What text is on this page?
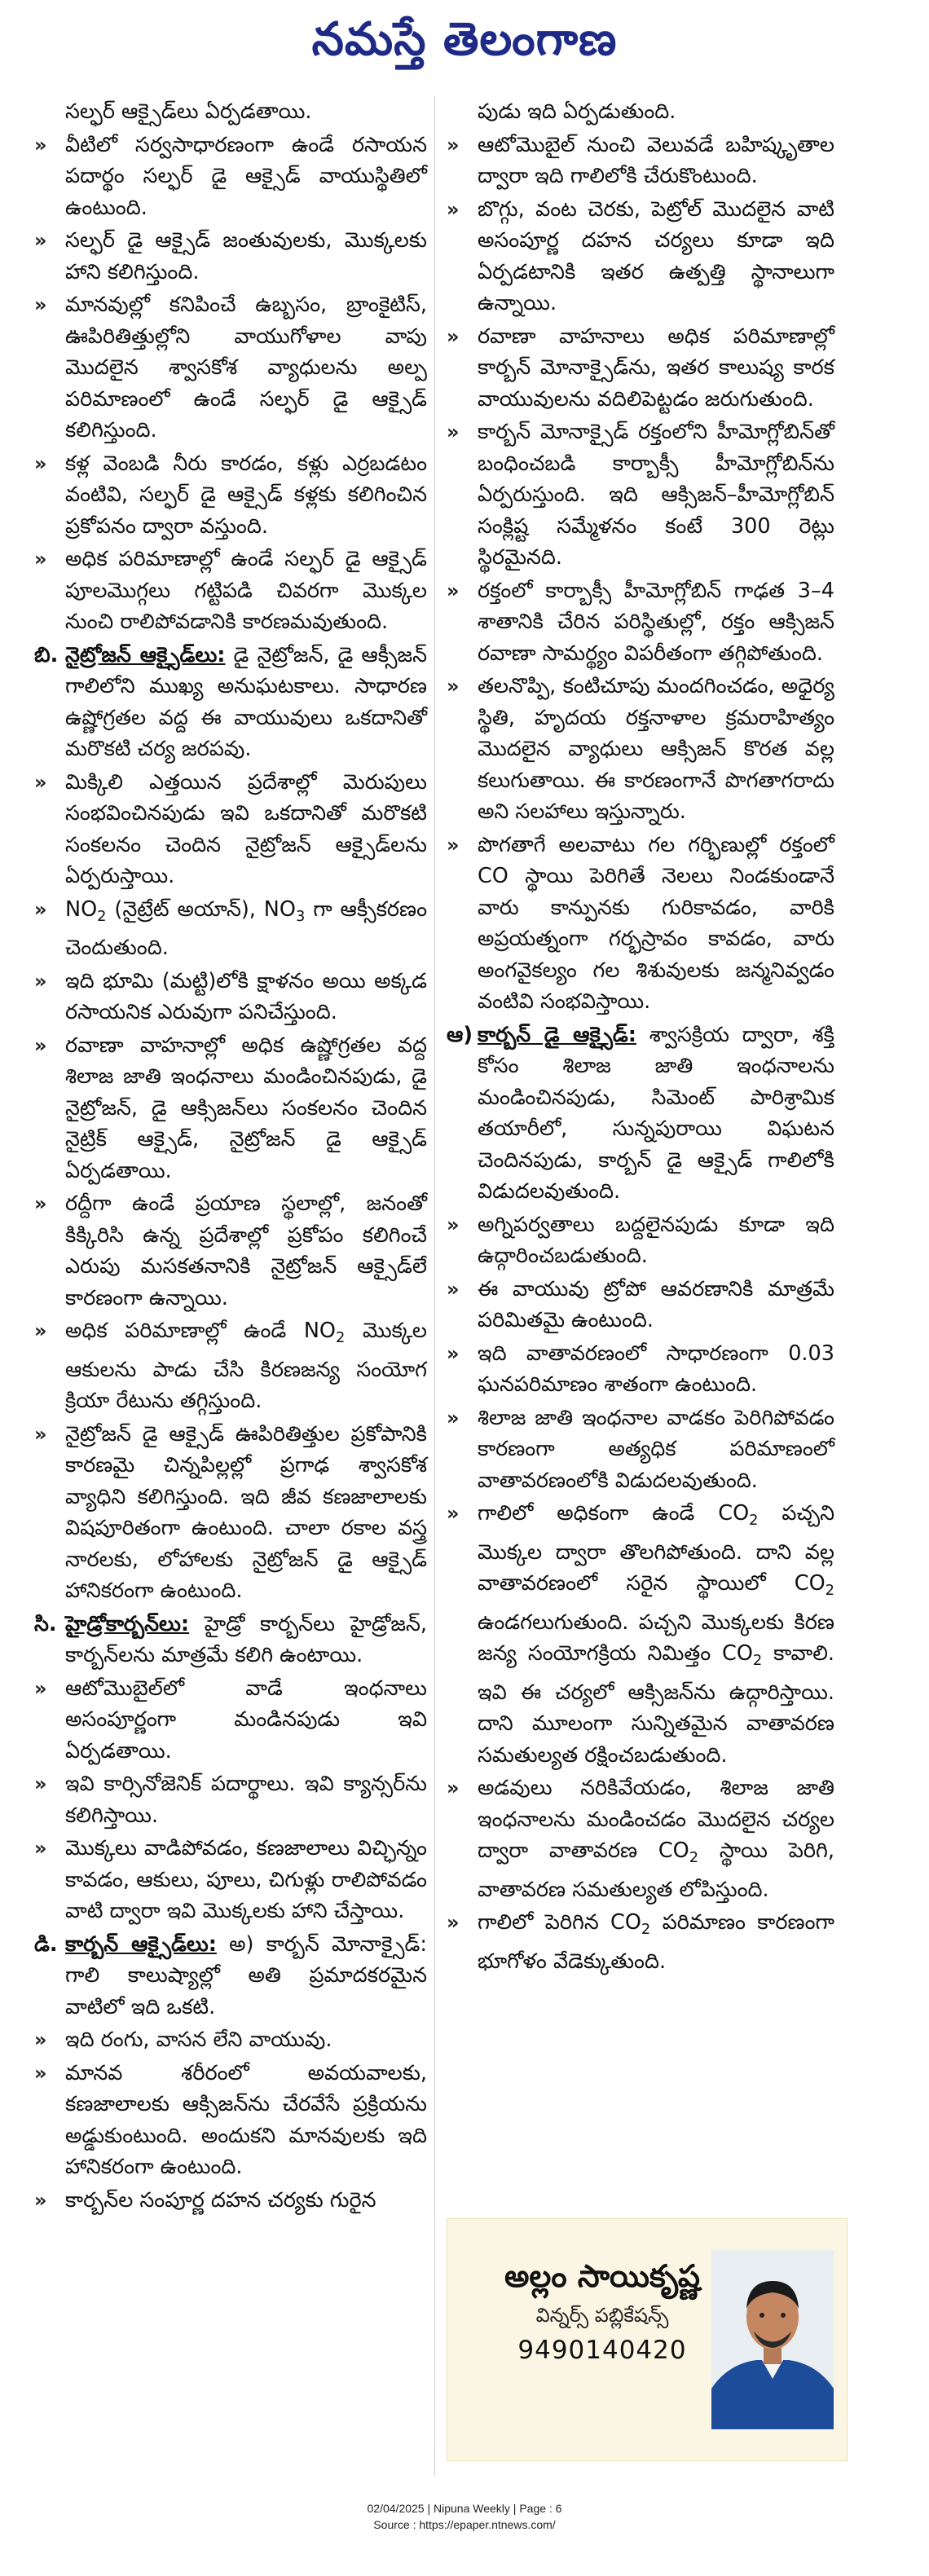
నమస్తే తెలంగాణ
సల్ఫర్ ఆక్సైడ్‌లు ఏర్పడతాయి.
» వీటిలో సర్వసాధారణంగా ఉండే రసాయన పదార్థం సల్ఫర్ డై ఆక్సైడ్ వాయుస్థితిలో ఉంటుంది.
» సల్ఫర్ డై ఆక్సైడ్ జంతువులకు, మొక్కలకు హాని కలిగిస్తుంది.
» మానవుల్లో కనిపించే ఉబ్బసం, బ్రాంకైటిస్, ఊపిరితిత్తుల్లోని వాయుగోళాల వాపు మొదలైన శ్వాసకోశ వ్యాధులను అల్ప పరిమాణంలో ఉండే సల్ఫర్ డై ఆక్సైడ్ కలిగిస్తుంది.
» కళ్ల వెంబడి నీరు కారడం, కళ్లు ఎర్రబడటం వంటివి, సల్ఫర్ డై ఆక్సైడ్ కళ్లకు కలిగించిన ప్రకోపనం ద్వారా వస్తుంది.
» అధిక పరిమాణాల్లో ఉండే సల్ఫర్ డై ఆక్సైడ్ పూలమొగ్గలు గట్టిపడి చివరగా మొక్కల నుంచి రాలిపోవడానికి కారణమవుతుంది.
బి. నైట్రోజన్ ఆక్సైడ్‌లు: డై నైట్రోజన్, డై ఆక్సీజన్ గాలిలోని ముఖ్య అనుఘటకాలు. సాధారణ ఉష్ణోగ్రతల వద్ద ఈ వాయువులు ఒకదానితో మరొకటి చర్య జరపవు.
» మిక్కిలి ఎత్తయిన ప్రదేశాల్లో మెరుపులు సంభవించినపుడు ఇవి ఒకదానితో మరొకటి సంకలనం చెందిన నైట్రోజన్ ఆక్సైడ్‌లను ఏర్పరుస్తాయి.
» $NO_2$ (నైట్రేట్ అయాన్), $NO_3$ గా ఆక్సీకరణం చెందుతుంది.
» ఇది భూమి (మట్టి)లోకి క్షాళనం అయి అక్కడ రసాయనిక ఎరువుగా పనిచేస్తుంది.
» రవాణా వాహనాల్లో అధిక ఉష్ణోగ్రతల వద్ద శిలాజ జాతి ఇంధనాలు మండించినపుడు, డై నైట్రోజన్, డై ఆక్సిజన్‌లు సంకలనం చెందిన నైట్రిక్ ఆక్సైడ్, నైట్రోజన్ డై ఆక్సైడ్ ఏర్పడతాయి.
» రద్దీగా ఉండే ప్రయాణ స్థలాల్లో, జనంతో కిక్కిరిసి ఉన్న ప్రదేశాల్లో ప్రకోపం కలిగించే ఎరుపు మసకతనానికి నైట్రోజన్ ఆక్సైడ్‌లే కారణంగా ఉన్నాయి.
» అధిక పరిమాణాల్లో ఉండే $NO_2$ మొక్కల ఆకులను పాడు చేసి కిరణజన్య సంయోగ క్రియా రేటును తగ్గిస్తుంది.
» నైట్రోజన్ డై ఆక్సైడ్ ఊపిరితిత్తుల ప్రకోపానికి కారణమై చిన్నపిల్లల్లో ప్రగాఢ శ్వాసకోశ వ్యాధిని కలిగిస్తుంది. ఇది జీవ కణజాలాలకు విషపూరితంగా ఉంటుంది. చాలా రకాల వస్త్ర నారలకు, లోహాలకు నైట్రోజన్ డై ఆక్సైడ్ హానికరంగా ఉంటుంది.
సి. హైడ్రోకార్బన్‌లు: హైడ్రో కార్బన్‌లు హైడ్రోజన్, కార్బన్‌లను మాత్రమే కలిగి ఉంటాయి.
» ఆటోమొబైల్‌లో వాడే ఇంధనాలు అసంపూర్ణంగా మండినపుడు ఇవి ఏర్పడతాయి.
» ఇవి కార్సినోజెనిక్ పదార్థాలు. ఇవి క్యాన్సర్‌ను కలిగిస్తాయి.
» మొక్కలు వాడిపోవడం, కణజాలాలు విచ్ఛిన్నం కావడం, ఆకులు, పూలు, చిగుళ్లు రాలిపోవడం వాటి ద్వారా ఇవి మొక్కలకు హాని చేస్తాయి.
డి. కార్బన్ ఆక్సైడ్‌లు: అ) కార్బన్ మోనాక్సైడ్: గాలి కాలుష్యాల్లో అతి ప్రమాదకరమైన వాటిలో ఇది ఒకటి.
» ఇది రంగు, వాసన లేని వాయువు.
» మానవ శరీరంలో అవయవాలకు, కణజాలాలకు ఆక్సిజన్‌ను చేరవేసే ప్రక్రియను అడ్డుకుంటుంది. అందుకని మానవులకు ఇది హానికరంగా ఉంటుంది.
» కార్బన్‌ల సంపూర్ణ దహన చర్యకు గురైన
పుడు ఇది ఏర్పడుతుంది.
» ఆటోమొబైల్ నుంచి వెలువడే బహిష్కృతాల ద్వారా ఇది గాలిలోకి చేరుకొంటుంది.
» బొగ్గు, వంట చెరకు, పెట్రోల్ మొదలైన వాటి అసంపూర్ణ దహన చర్యలు కూడా ఇది ఏర్పడటానికి ఇతర ఉత్పత్తి స్థానాలుగా ఉన్నాయి.
» రవాణా వాహనాలు అధిక పరిమాణాల్లో కార్బన్ మోనాక్సైడ్‌ను, ఇతర కాలుష్య కారక వాయువులను వదిలిపెట్టడం జరుగుతుంది.
» కార్బన్ మోనాక్సైడ్ రక్తంలోని హీమోగ్లోబిన్‌తో బంధించబడి కార్బాక్సీ హీమోగ్లోబిన్‌ను ఏర్పరుస్తుంది. ఇది ఆక్సిజన్–హీమోగ్లోబిన్ సంక్లిష్ట సమ్మేళనం కంటే 300 రెట్లు స్థిరమైనది.
» రక్తంలో కార్బాక్సీ హీమోగ్లోబిన్ గాఢత 3–4 శాతానికి చేరిన పరిస్థితుల్లో, రక్తం ఆక్సిజన్ రవాణా సామర్థ్యం విపరీతంగా తగ్గిపోతుంది.
» తలనొప్పి, కంటిచూపు మందగించడం, అధైర్య స్థితి, హృదయ రక్తనాళాల క్రమరాహిత్యం మొదలైన వ్యాధులు ఆక్సిజన్ కొరత వల్ల కలుగుతాయి. ఈ కారణంగానే పొగతాగరాదు అని సలహాలు ఇస్తున్నారు.
» పొగతాగే అలవాటు గల గర్భిణుల్లో రక్తంలో CO స్థాయి పెరిగితే నెలలు నిండకుండానే వారు కాన్పునకు గురికావడం, వారికి అప్రయత్నంగా గర్భస్రావం కావడం, వారు అంగవైకల్యం గల శిశువులకు జన్మనివ్వడం వంటివి సంభవిస్తాయి.
ఆ) కార్బన్ డై ఆక్సైడ్: శ్వాసక్రియ ద్వారా, శక్తి కోసం శిలాజ జాతి ఇంధనాలను మండించినపుడు, సిమెంట్ పారిశ్రామిక తయారీలో, సున్నపురాయి విఘటన చెందినపుడు, కార్బన్ డై ఆక్సైడ్ గాలిలోకి విడుదలవుతుంది.
» అగ్నిపర్వతాలు బద్దలైనపుడు కూడా ఇది ఉద్గారించబడుతుంది.
» ఈ వాయువు ట్రోపో ఆవరణానికి మాత్రమే పరిమితమై ఉంటుంది.
» ఇది వాతావరణంలో సాధారణంగా 0.03 ఘనపరిమాణం శాతంగా ఉంటుంది.
» శిలాజ జాతి ఇంధనాల వాడకం పెరిగిపోవడం కారణంగా అత్యధిక పరిమాణంలో వాతావరణంలోకి విడుదలవుతుంది.
» గాలిలో అధికంగా ఉండే $CO_2$ పచ్చని మొక్కల ద్వారా తొలగిపోతుంది. దాని వల్ల వాతావరణంలో సరైన స్థాయిలో $CO_2$ ఉండగలుగుతుంది. పచ్చని మొక్కలకు కిరణ జన్య సంయోగక్రియ నిమిత్తం $CO_2$ కావాలి. ఇవి ఈ చర్యలో ఆక్సిజన్‌ను ఉద్గారిస్తాయి. దాని మూలంగా సున్నితమైన వాతావరణ సమతుల్యత రక్షించబడుతుంది.
» అడవులు నరికివేయడం, శిలాజ జాతి ఇంధనాలను మండించడం మొదలైన చర్యల ద్వారా వాతావరణ $CO_2$ స్థాయి పెరిగి, వాతావరణ సమతుల్యత లోపిస్తుంది.
» గాలిలో పెరిగిన $CO_2$ పరిమాణం కారణంగా భూగోళం వేడెక్కుతుంది.
అల్లం సాయికృష్ణ
విన్నర్స్ పబ్లికేషన్స్
9490140420
02/04/2025 | Nipuna Weekly | Page : 6
Source : https://epaper.ntnews.com/
